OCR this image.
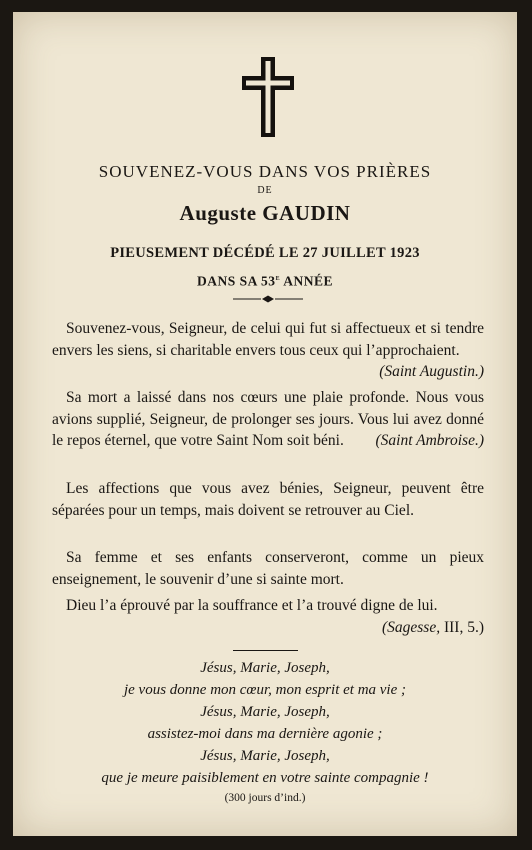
SOUVENEZ-VOUS DANS VOS PRIÈRES
DE
Auguste GAUDIN
PIEUSEMENT DÉCÉDÉ LE 27 JUILLET 1923
DANS SA 53e ANNÉE
Souvenez-vous, Seigneur, de celui qui fut si affectueux et si tendre envers les siens, si charitable envers tous ceux qui l’approchaient.
(Saint Augustin.)
Sa mort a laissé dans nos cœurs une plaie profonde. Nous vous avions supplié, Seigneur, de prolonger ses jours. Vous lui avez donné le repos éternel, que votre Saint Nom soit béni.	(Saint Ambroise.)
Les affections que vous avez bénies, Seigneur, peuvent être séparées pour un temps, mais doivent se retrouver au Ciel.
Sa femme et ses enfants conserveront, comme un pieux enseignement, le souvenir d’une si sainte mort.
Dieu l’a éprouvé par la souffrance et l’a trouvé digne de lui.
(Sagesse, III, 5.)
Jésus, Marie, Joseph,
je vous donne mon cœur, mon esprit et ma vie ;
Jésus, Marie, Joseph,
assistez-moi dans ma dernière agonie ;
Jésus, Marie, Joseph,
que je meure paisiblement en votre sainte compagnie !
(300 jours d’ind.)
